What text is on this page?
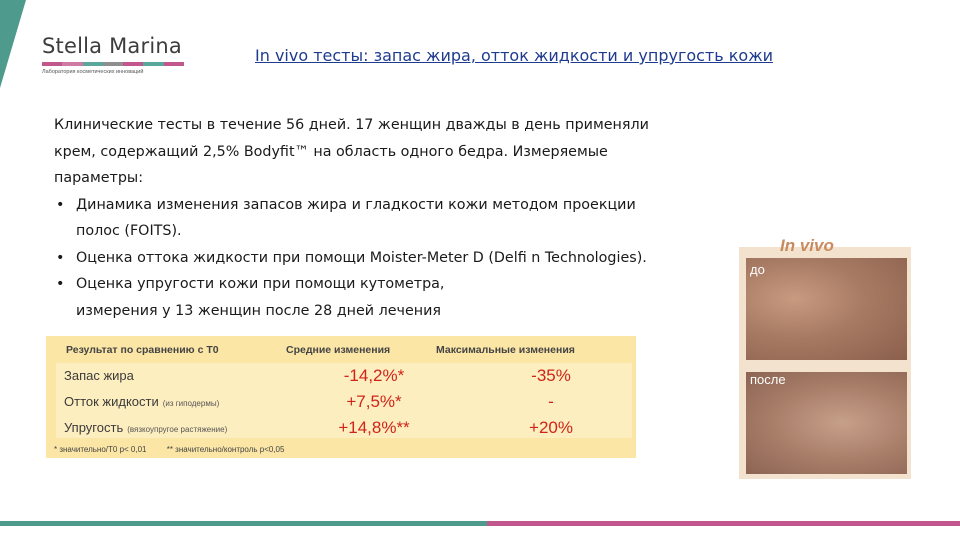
Stella Marina
Лаборатория косметических инноваций
In vivo тесты: запас жира, отток жидкости и упругость кожи
Клинические тесты в течение 56 дней. 17 женщин дважды в день применяли
крем, содержащий 2,5% Bodyfit™ на область одного бедра. Измеряемые
параметры:
• Динамика изменения запасов жира и гладкости кожи методом проекции
полос (FOITS).
• Оценка оттока жидкости при помощи Moister-Meter D (Delfi n Technologies).
• Оценка упругости кожи при помощи кутометра,
измерения у 13 женщин после 28 дней лечения
Результат по сравнению с Т0	Средние изменения	Максимальные изменения
Запас жира	-14,2%*	-35%
Отток жидкости (из гиподермы)	+7,5%*	-
Упругость (вязкоупругое растяжение)	+14,8%**	+20%
* значительно/Т0 р< 0,01	** значительно/контроль р<0,05
In vivo
до
после
